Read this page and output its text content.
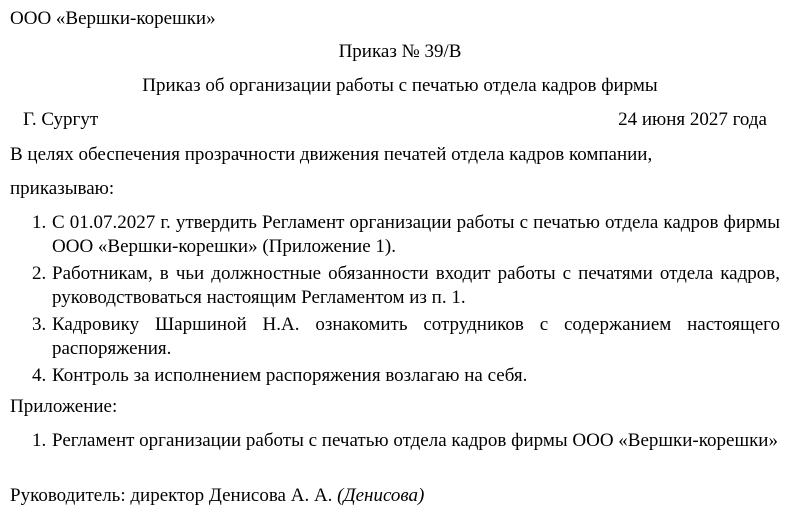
ООО «Вершки-корешки»
Приказ № 39/В
Приказ об организации работы с печатью отдела кадров фирмы
Г. Сургут	24 июня 2027 года
В целях обеспечения прозрачности движения печатей отдела кадров компании,
приказываю:
1. С 01.07.2027 г. утвердить Регламент организации работы с печатью отдела кадров фирмы ООО «Вершки-корешки» (Приложение 1).
2. Работникам, в чьи должностные обязанности входит работы с печатями отдела кадров, руководствоваться настоящим Регламентом из п. 1.
3. Кадровику Шаршиной Н.А. ознакомить сотрудников с содержанием настоящего распоряжения.
4. Контроль за исполнением распоряжения возлагаю на себя.
Приложение:
1. Регламент организации работы с печатью отдела кадров фирмы ООО «Вершки-корешки»
Руководитель: директор Денисова А. А. (Денисова)
